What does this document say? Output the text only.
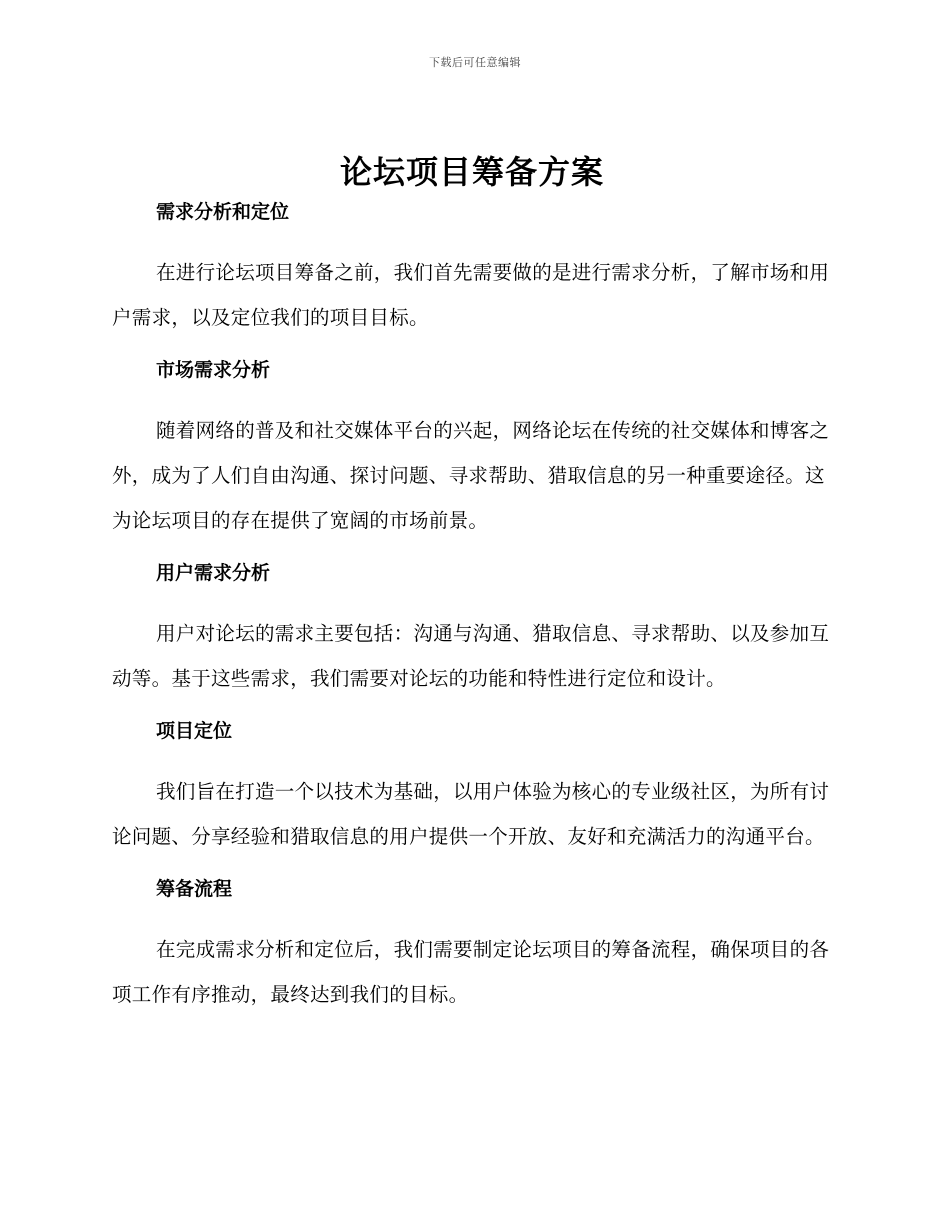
下载后可任意编辑
论坛项目筹备方案
需求分析和定位
在进行论坛项目筹备之前，我们首先需要做的是进行需求分析，了解市场和用户需求，以及定位我们的项目目标。
市场需求分析
随着网络的普及和社交媒体平台的兴起，网络论坛在传统的社交媒体和博客之外，成为了人们自由沟通、探讨问题、寻求帮助、猎取信息的另一种重要途径。这为论坛项目的存在提供了宽阔的市场前景。
用户需求分析
用户对论坛的需求主要包括：沟通与沟通、猎取信息、寻求帮助、以及参加互动等。基于这些需求，我们需要对论坛的功能和特性进行定位和设计。
项目定位
我们旨在打造一个以技术为基础，以用户体验为核心的专业级社区，为所有讨论问题、分享经验和猎取信息的用户提供一个开放、友好和充满活力的沟通平台。
筹备流程
在完成需求分析和定位后，我们需要制定论坛项目的筹备流程，确保项目的各项工作有序推动，最终达到我们的目标。
